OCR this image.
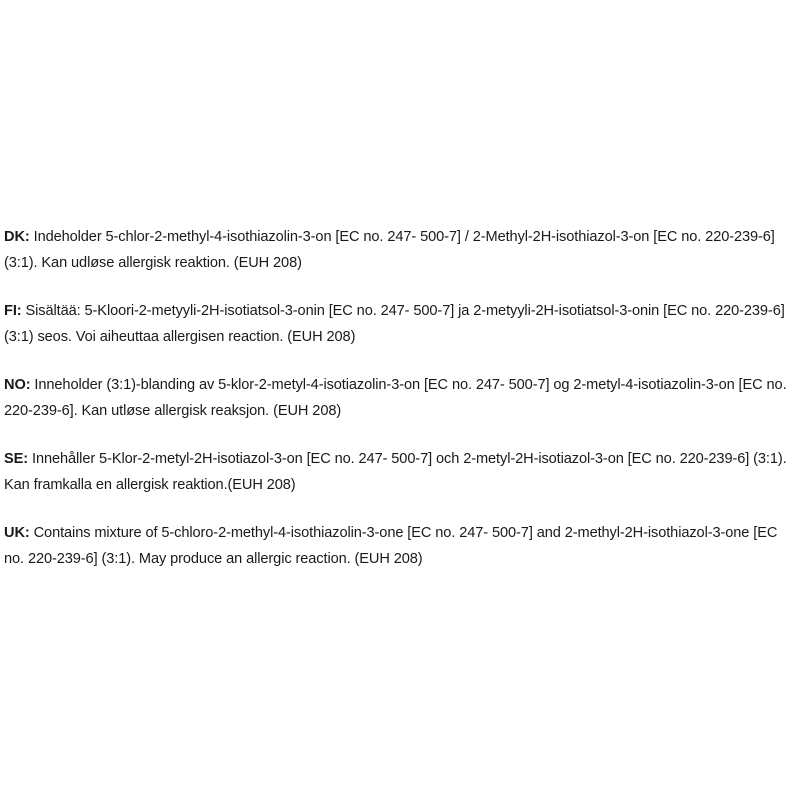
DK: Indeholder 5-chlor-2-methyl-4-isothiazolin-3-on [EC no. 247- 500-7] / 2-Methyl-2H-isothiazol-3-on [EC no. 220-239-6] (3:1). Kan udløse allergisk reaktion. (EUH 208)

FI: Sisältää: 5-Kloori-2-metyyli-2H-isotiatsol-3-onin [EC no. 247- 500-7] ja 2-metyyli-2H-isotiatsol-3-onin [EC no. 220-239-6] (3:1) seos. Voi aiheuttaa allergisen reaction. (EUH 208)

NO: Inneholder (3:1)-blanding av 5-klor-2-metyl-4-isotiazolin-3-on [EC no. 247- 500-7] og 2-metyl-4-isotiazolin-3-on [EC no. 220-239-6]. Kan utløse allergisk reaksjon. (EUH 208)

SE: Innehåller 5-Klor-2-metyl-2H-isotiazol-3-on [EC no. 247- 500-7] och 2-metyl-2H-isotiazol-3-on [EC no. 220-239-6] (3:1). Kan framkalla en allergisk reaktion.(EUH 208)

UK: Contains mixture of 5-chloro-2-methyl-4-isothiazolin-3-one [EC no. 247- 500-7] and 2-methyl-2H-isothiazol-3-one [EC no. 220-239-6] (3:1). May produce an allergic reaction. (EUH 208)
